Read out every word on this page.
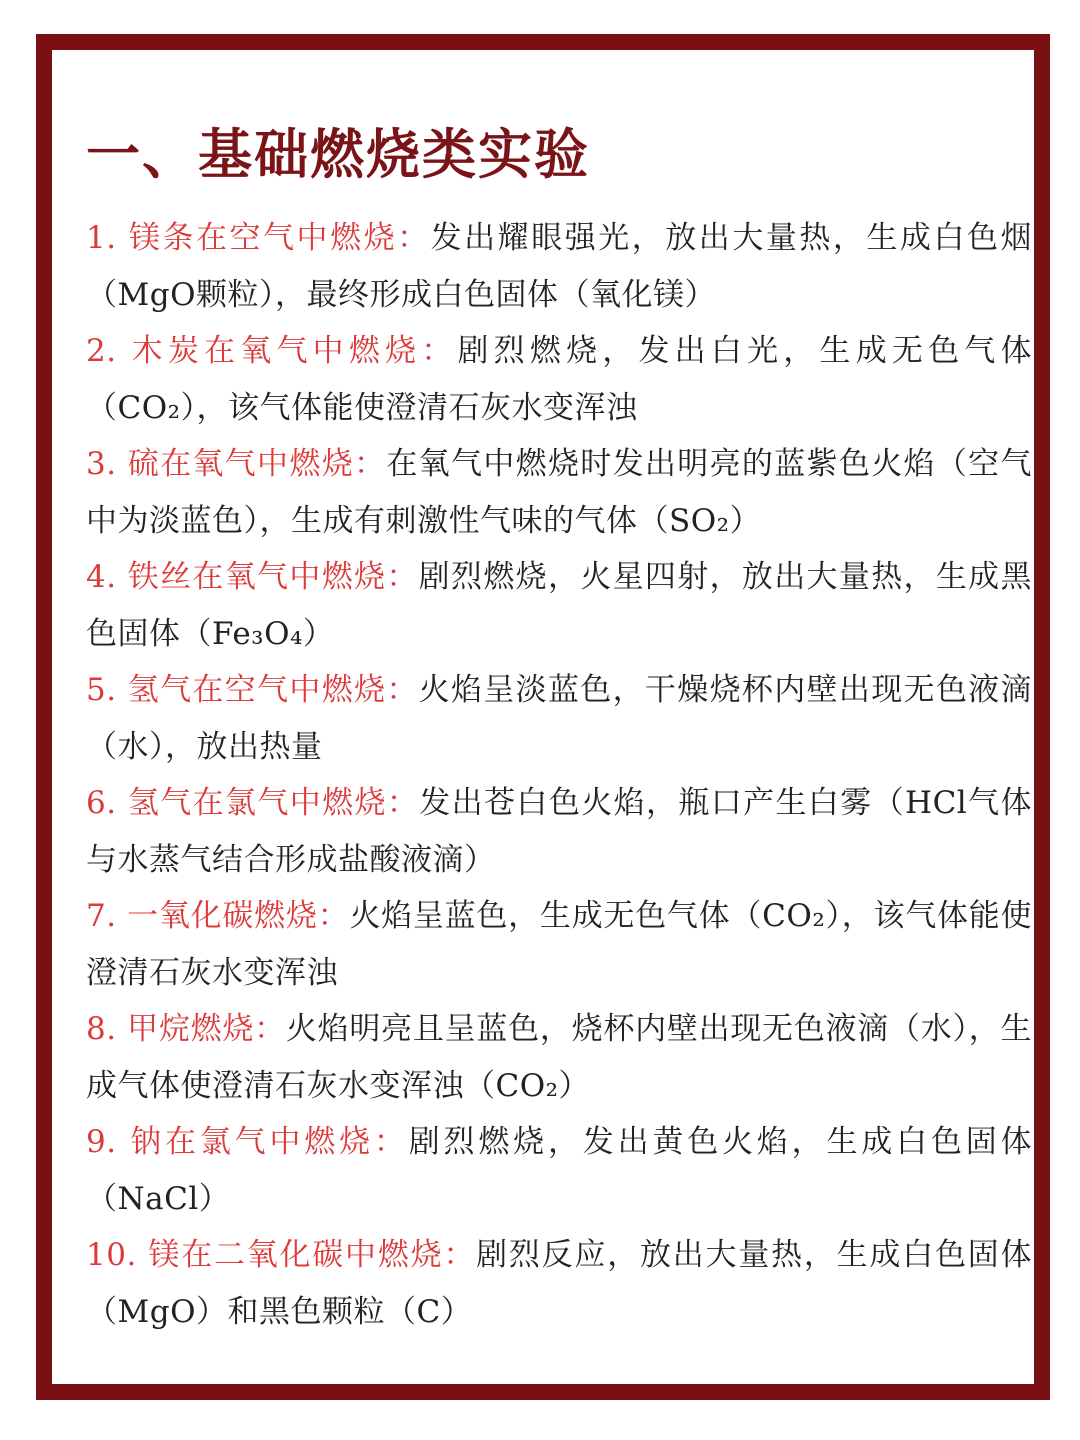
一、基础燃烧类实验
1. 镁条在空气中燃烧：发出耀眼强光，放出大量热，生成白色烟（MgO颗粒），最终形成白色固体（氧化镁）
2. 木炭在氧气中燃烧：剧烈燃烧，发出白光，生成无色气体（CO₂），该气体能使澄清石灰水变浑浊
3. 硫在氧气中燃烧：在氧气中燃烧时发出明亮的蓝紫色火焰（空气中为淡蓝色），生成有刺激性气味的气体（SO₂）
4. 铁丝在氧气中燃烧：剧烈燃烧，火星四射，放出大量热，生成黑色固体（Fe₃O₄）
5. 氢气在空气中燃烧：火焰呈淡蓝色，干燥烧杯内壁出现无色液滴（水），放出热量
6. 氢气在氯气中燃烧：发出苍白色火焰，瓶口产生白雾（HCl气体与水蒸气结合形成盐酸液滴）
7. 一氧化碳燃烧：火焰呈蓝色，生成无色气体（CO₂），该气体能使澄清石灰水变浑浊
8. 甲烷燃烧：火焰明亮且呈蓝色，烧杯内壁出现无色液滴（水），生成气体使澄清石灰水变浑浊（CO₂）
9. 钠在氯气中燃烧：剧烈燃烧，发出黄色火焰，生成白色固体（NaCl）
10. 镁在二氧化碳中燃烧：剧烈反应，放出大量热，生成白色固体（MgO）和黑色颗粒（C）
